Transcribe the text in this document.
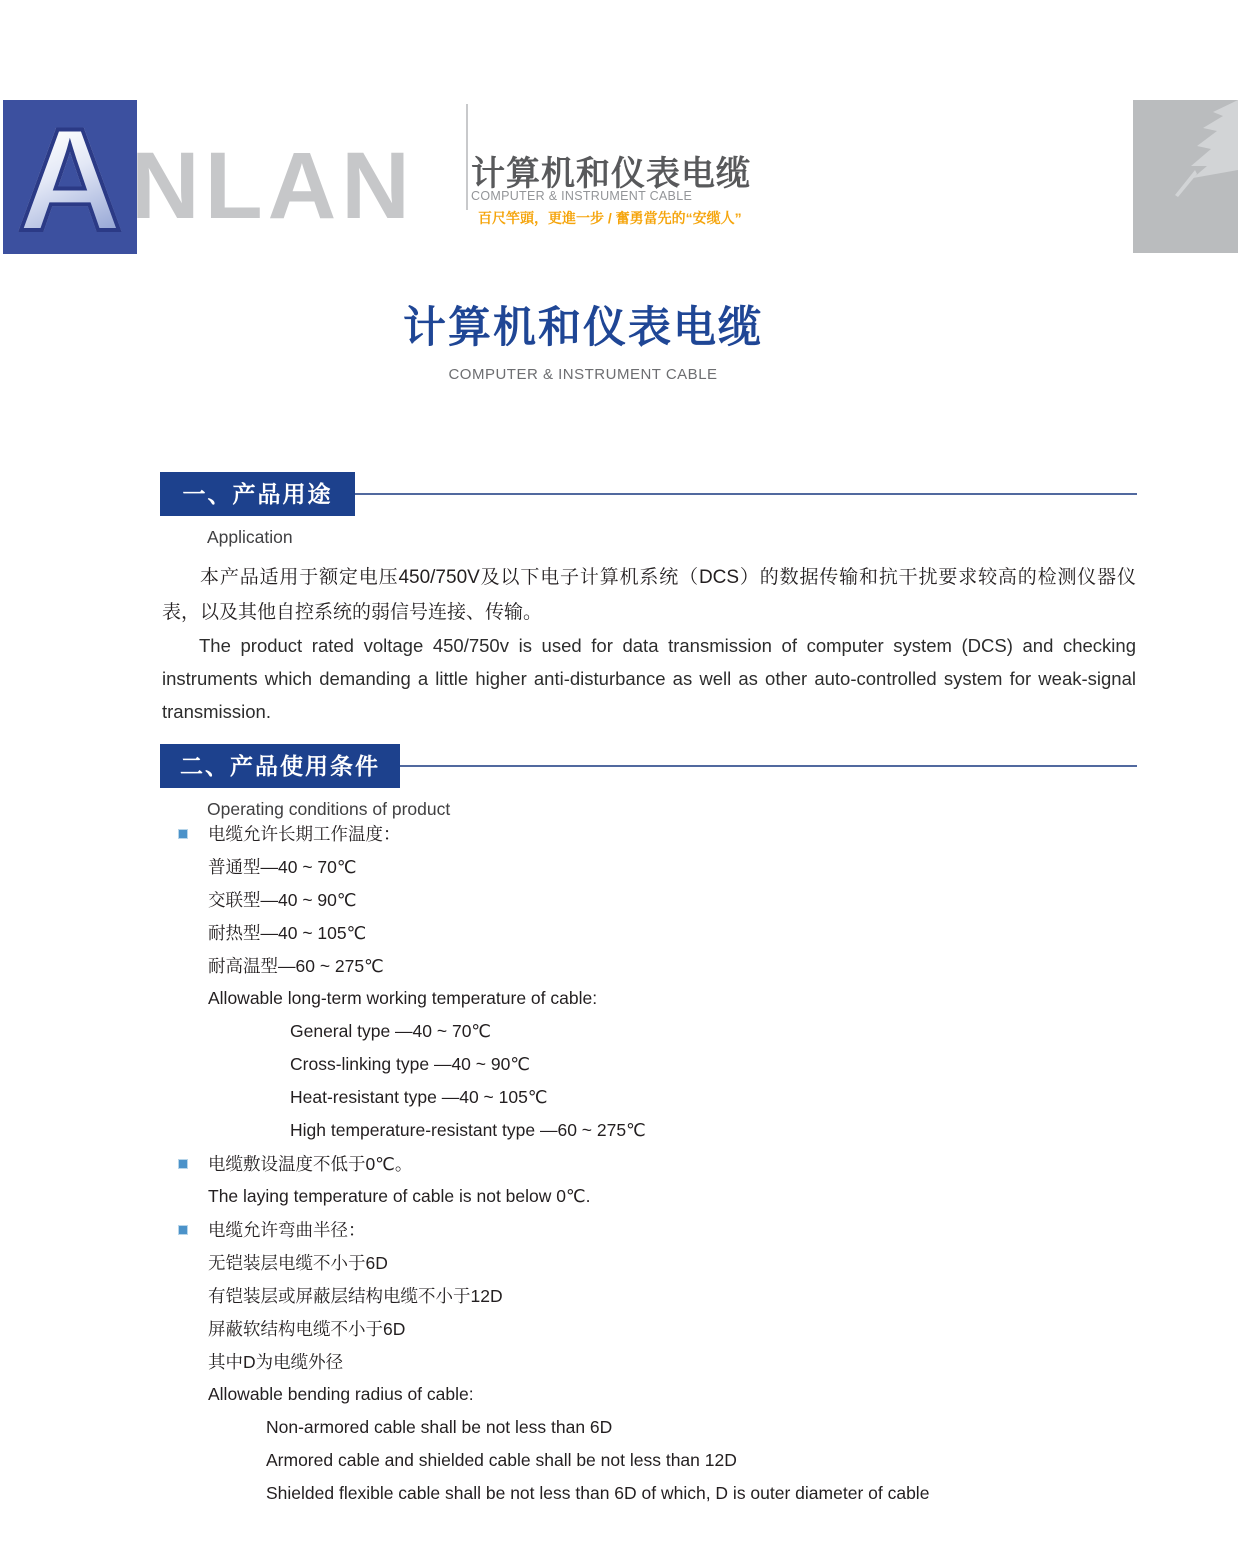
A NLAN 计算机和仪表电缆
COMPUTER & INSTRUMENT CABLE
百尺竿頭，更進一步 / 奮勇當先的“安缆人”
计算机和仪表电缆
COMPUTER & INSTRUMENT CABLE
一、产品用途
Application
本产品适用于额定电压450/750V及以下电子计算机系统（DCS）的数据传输和抗干扰要求较高的检测仪器仪表，以及其他自控系统的弱信号连接、传输。
The product rated voltage 450/750v is used for data transmission of computer system (DCS) and checking instruments which demanding a little higher anti-disturbance as well as other auto-controlled system for weak-signal transmission.
二、产品使用条件
Operating conditions of product
电缆允许长期工作温度：
普通型—40 ~ 70℃
交联型—40 ~ 90℃
耐热型—40 ~ 105℃
耐高温型—60 ~ 275℃
Allowable long-term working temperature of cable:
General type —40 ~ 70℃
Cross-linking type —40 ~ 90℃
Heat-resistant type —40 ~ 105℃
High temperature-resistant type —60 ~ 275℃
电缆敷设温度不低于0℃。
The laying temperature of cable is not below 0℃.
电缆允许弯曲半径：
无铠装层电缆不小于6D
有铠装层或屏蔽层结构电缆不小于12D
屏蔽软结构电缆不小于6D
其中D为电缆外径
Allowable bending radius of cable:
Non-armored cable shall be not less than 6D
Armored cable and shielded cable shall be not less than 12D
Shielded flexible cable shall be not less than 6D of which, D is outer diameter of cable
